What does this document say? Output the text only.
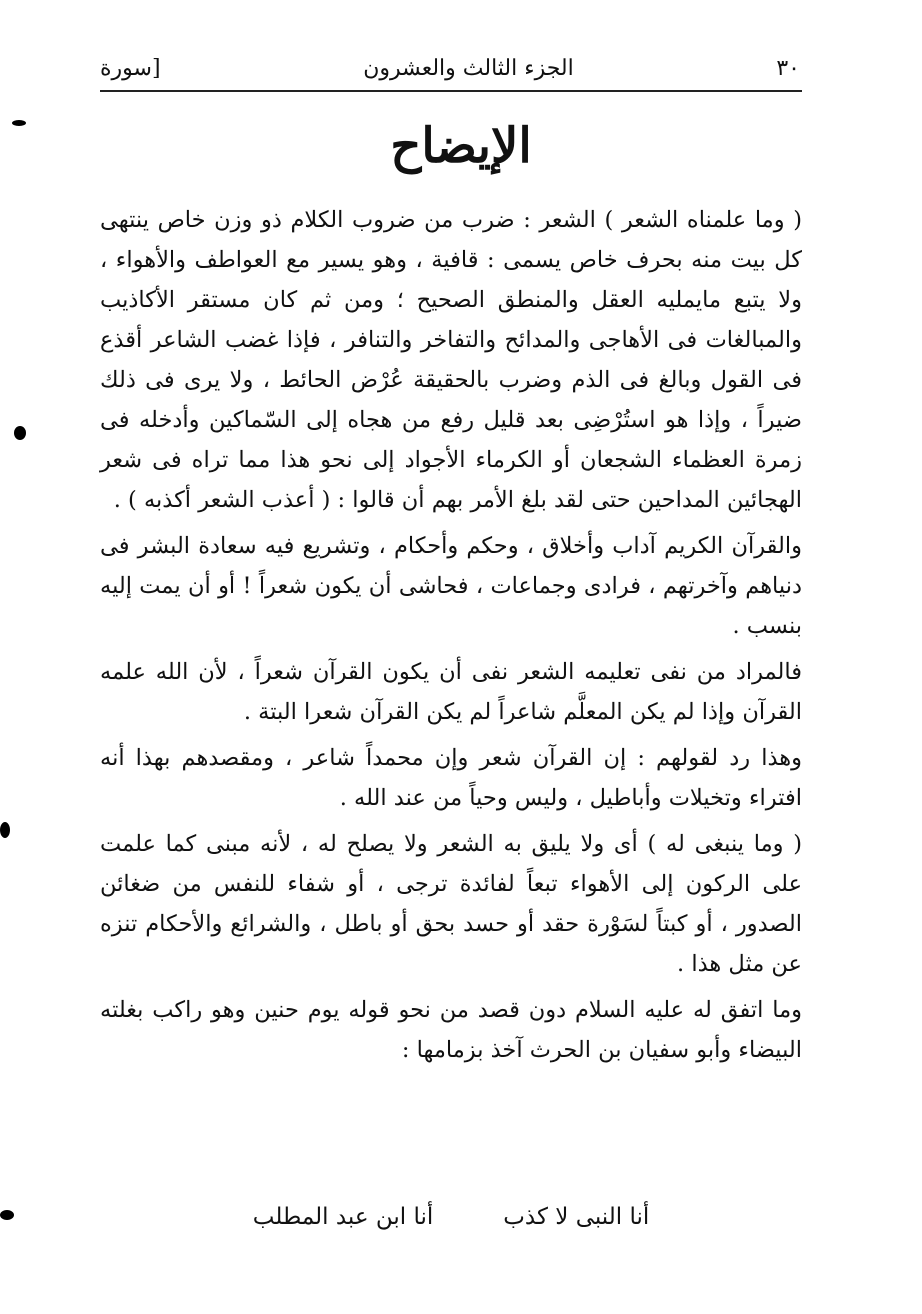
٣٠
الجزء الثالث والعشرون
[سورة
الإيضاح

( وما علمناه الشعر ) الشعر : ضرب من ضروب الكلام ذو وزن خاص ينتهى كل بيت منه بحرف خاص يسمى : قافية ، وهو يسير مع العواطف والأهواء ، ولا يتبع مايمليه العقل والمنطق الصحيح ؛ ومن ثم كان مستقر الأكاذيب والمبالغات فى الأهاجى والمدائح والتفاخر والتنافر ، فإذا غضب الشاعر أقذع فى القول وبالغ فى الذم وضرب بالحقيقة عُرْض الحائط ، ولا يرى فى ذلك ضيراً ، وإذا هو استُرْضِى بعد قليل رفع من هجاه إلى السّماكين وأدخله فى زمرة العظماء الشجعان أو الكرماء الأجواد إلى نحو هذا مما تراه فى شعر الهجائين المداحين حتى لقد بلغ الأمر بهم أن قالوا : ( أعذب الشعر أكذبه ) .

والقرآن الكريم آداب وأخلاق ، وحكم وأحكام ، وتشريع فيه سعادة البشر فى دنياهم وآخرتهم ، فرادى وجماعات ، فحاشى أن يكون شعراً ! أو أن يمت إليه بنسب .

فالمراد من نفى تعليمه الشعر نفى أن يكون القرآن شعراً ، لأن الله علمه القرآن وإذا لم يكن المعلَّم شاعراً لم يكن القرآن شعرا البتة .

وهذا رد لقولهم : إن القرآن شعر وإن محمداً شاعر ، ومقصدهم بهذا أنه افتراء وتخيلات وأباطيل ، وليس وحياً من عند الله .

( وما ينبغى له ) أى ولا يليق به الشعر ولا يصلح له ، لأنه مبنى كما علمت على الركون إلى الأهواء تبعاً لفائدة ترجى ، أو شفاء للنفس من ضغائن الصدور ، أو كبتاً لسَوْرة حقد أو حسد بحق أو باطل ، والشرائع والأحكام تنزه عن مثل هذا .

وما اتفق له عليه السلام دون قصد من نحو قوله يوم حنين وهو راكب بغلته البيضاء وأبو سفيان بن الحرث آخذ بزمامها :

أنا النبى لا كذب
أنا ابن عبد المطلب
